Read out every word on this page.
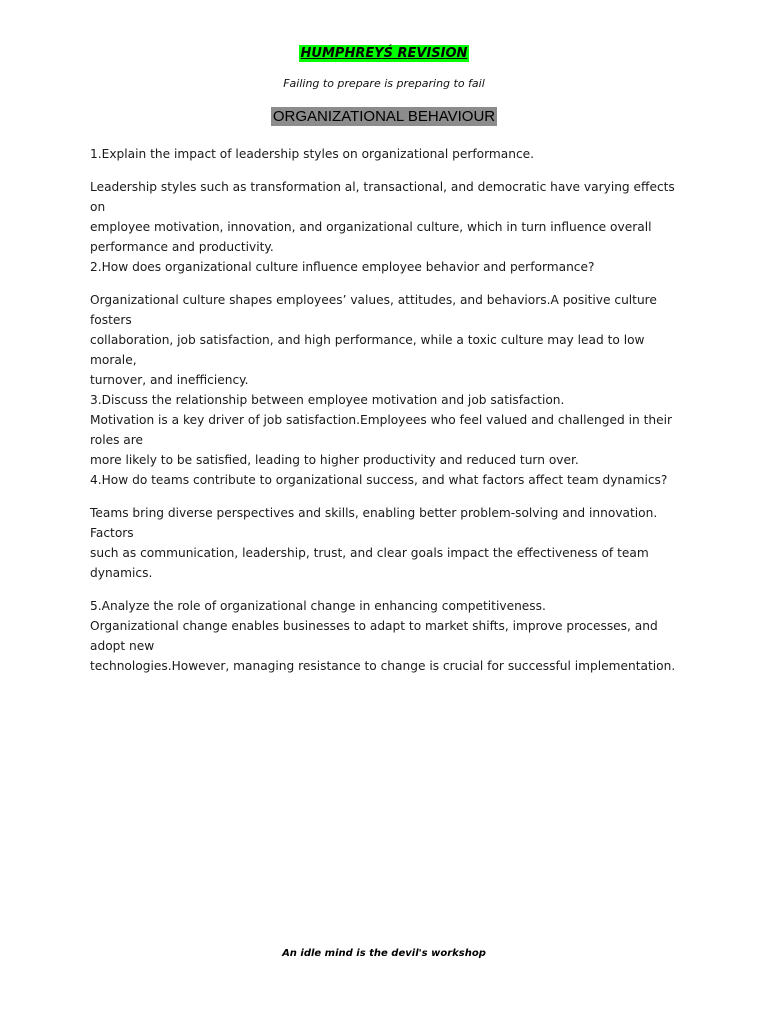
HUMPHREYŚ REVISION
Failing to prepare is preparing to fail
ORGANIZATIONAL BEHAVIOUR

1.Explain the impact of leadership styles on organizational performance.

Leadership styles such as transformation al, transactional, and democratic have varying effects on

employee motivation, innovation, and organizational culture, which in turn influence overall

performance and productivity.

2.How does organizational culture influence employee behavior and performance?

Organizational culture shapes employees’ values, attitudes, and behaviors.A positive culture fosters

collaboration, job satisfaction, and high performance, while a toxic culture may lead to low morale,

turnover, and inefficiency.

3.Discuss the relationship between employee motivation and job satisfaction.

Motivation is a key driver of job satisfaction.Employees who feel valued and challenged in their roles are

more likely to be satisfied, leading to higher productivity and reduced turn over.

4.How do teams contribute to organizational success, and what factors affect team dynamics?

Teams bring diverse perspectives and skills, enabling better problem-solving and innovation. Factors

such as communication, leadership, trust, and clear goals impact the effectiveness of team dynamics.

5.Analyze the role of organizational change in enhancing competitiveness.

Organizational change enables businesses to adapt to market shifts, improve processes, and adopt new

technologies.However, managing resistance to change is crucial for successful implementation.

An idle mind is the devil's workshop
